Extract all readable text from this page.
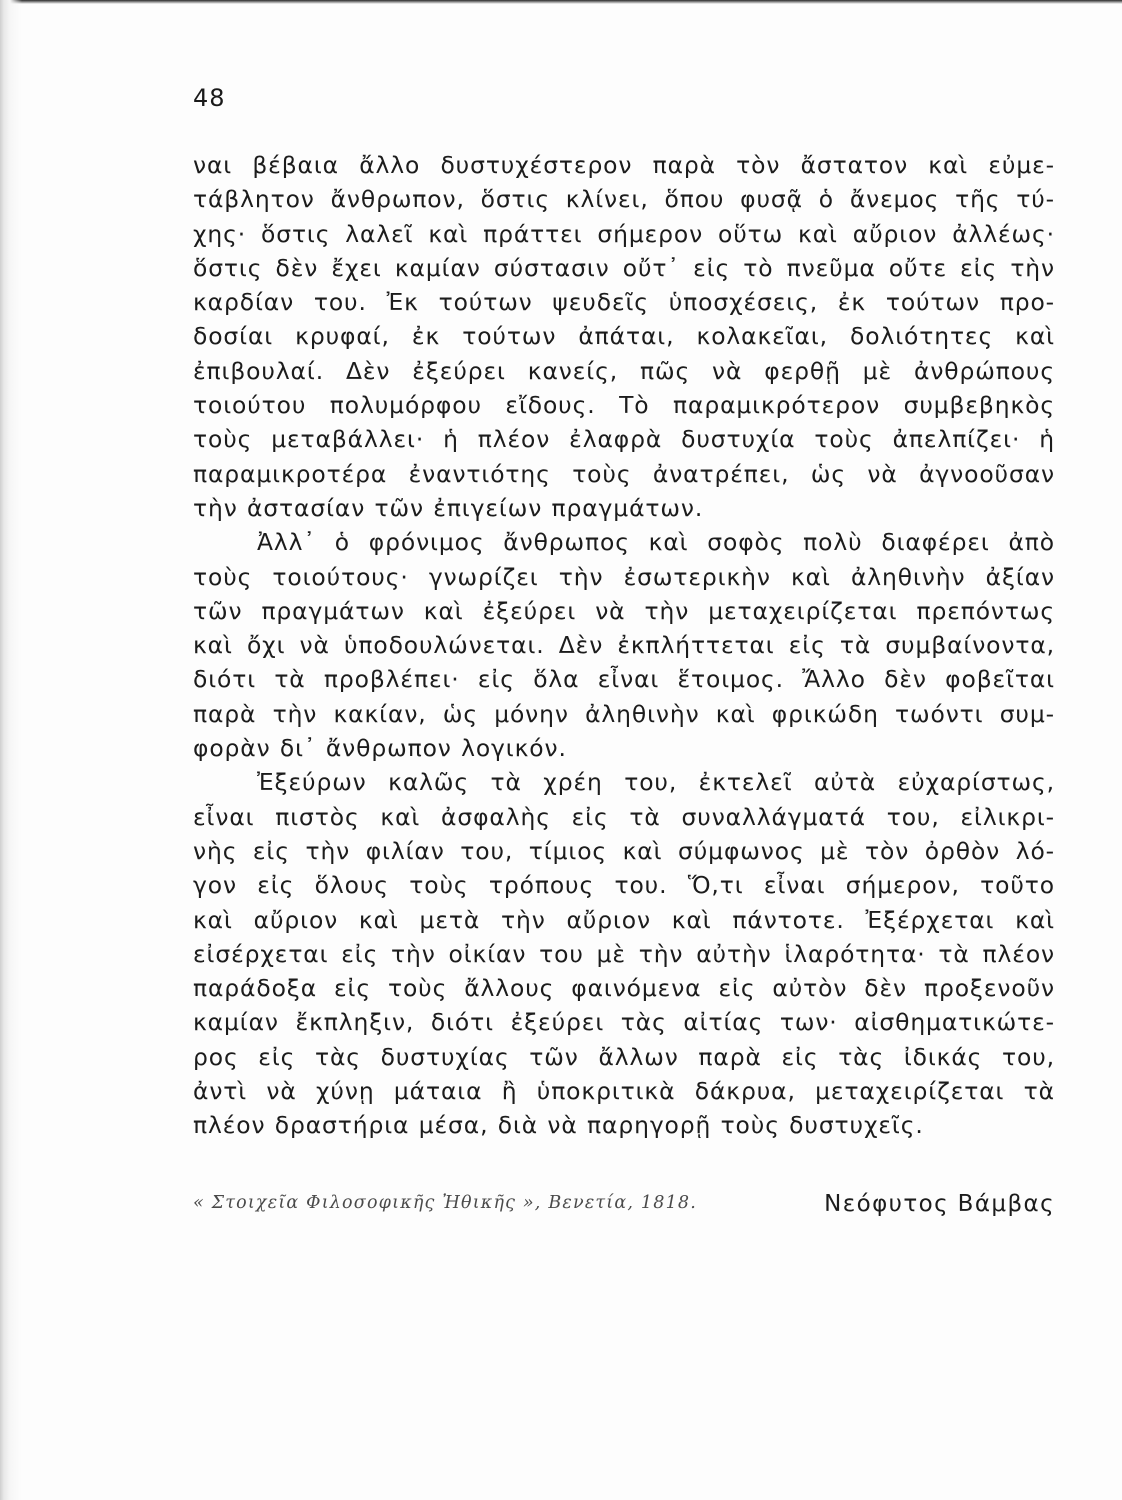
48
ναι βέβαια ἄλλο δυστυχέστερον παρὰ τὸν ἄστατον καὶ εὐμε-
τάβλητον ἄνθρωπον, ὅστις κλίνει, ὅπου φυσᾷ ὁ ἄνεμος τῆς τύ-
χης· ὅστις λαλεῖ καὶ πράττει σήμερον οὕτω καὶ αὔριον ἀλλέως·
ὅστις δὲν ἔχει καμίαν σύστασιν οὔτ᾽ εἰς τὸ πνεῦμα οὔτε εἰς τὴν
καρδίαν του. Ἐκ τούτων ψευδεῖς ὑποσχέσεις, ἐκ τούτων προ-
δοσίαι κρυφαί, ἐκ τούτων ἀπάται, κολακεῖαι, δολιότητες καὶ
ἐπιβουλαί. Δὲν ἐξεύρει κανείς, πῶς νὰ φερθῇ μὲ ἀνθρώπους
τοιούτου πολυμόρφου εἴδους. Τὸ παραμικρότερον συμβεβηκὸς
τοὺς μεταβάλλει· ἡ πλέον ἐλαφρὰ δυστυχία τοὺς ἀπελπίζει· ἡ
παραμικροτέρα ἐναντιότης τοὺς ἀνατρέπει, ὡς νὰ ἀγνοοῦσαν
τὴν ἀστασίαν τῶν ἐπιγείων πραγμάτων.
Ἀλλ᾽ ὁ φρόνιμος ἄνθρωπος καὶ σοφὸς πολὺ διαφέρει ἀπὸ
τοὺς τοιούτους· γνωρίζει τὴν ἐσωτερικὴν καὶ ἀληθινὴν ἀξίαν
τῶν πραγμάτων καὶ ἐξεύρει νὰ τὴν μεταχειρίζεται πρεπόντως
καὶ ὄχι νὰ ὑποδουλώνεται. Δὲν ἐκπλήττεται εἰς τὰ συμβαίνοντα,
διότι τὰ προβλέπει· εἰς ὅλα εἶναι ἕτοιμος. Ἄλλο δὲν φοβεῖται
παρὰ τὴν κακίαν, ὡς μόνην ἀληθινὴν καὶ φρικώδη τωόντι συμ-
φορὰν δι᾽ ἄνθρωπον λογικόν.
Ἐξεύρων καλῶς τὰ χρέη του, ἐκτελεῖ αὐτὰ εὐχαρίστως,
εἶναι πιστὸς καὶ ἀσφαλὴς εἰς τὰ συναλλάγματά του, εἰλικρι-
νὴς εἰς τὴν φιλίαν του, τίμιος καὶ σύμφωνος μὲ τὸν ὀρθὸν λό-
γον εἰς ὅλους τοὺς τρόπους του. Ὅ,τι εἶναι σήμερον, τοῦτο
καὶ αὔριον καὶ μετὰ τὴν αὔριον καὶ πάντοτε. Ἐξέρχεται καὶ
εἰσέρχεται εἰς τὴν οἰκίαν του μὲ τὴν αὐτὴν ἱλαρότητα· τὰ πλέον
παράδοξα εἰς τοὺς ἄλλους φαινόμενα εἰς αὐτὸν δὲν προξενοῦν
καμίαν ἔκπληξιν, διότι ἐξεύρει τὰς αἰτίας των· αἰσθηματικώτε-
ρος εἰς τὰς δυστυχίας τῶν ἄλλων παρὰ εἰς τὰς ἰδικάς του,
ἀντὶ νὰ χύνῃ μάταια ἢ ὑποκριτικὰ δάκρυα, μεταχειρίζεται τὰ
πλέον δραστήρια μέσα, διὰ νὰ παρηγορῇ τοὺς δυστυχεῖς.
« Στοιχεῖα Φιλοσοφικῆς Ἠθικῆς », Βενετία, 1818.	Νεόφυτος Βάμβας
